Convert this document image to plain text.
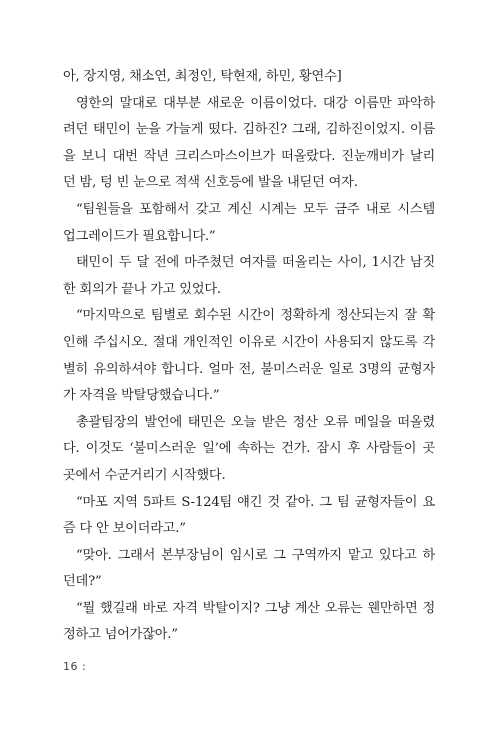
아, 장지영, 채소연, 최정인, 탁현재, 하민, 황연수]
영한의 말대로 대부분 새로운 이름이었다. 대강 이름만 파악하
려던 태민이 눈을 가늘게 떴다. 김하진? 그래, 김하진이었지. 이름
을 보니 대번 작년 크리스마스이브가 떠올랐다. 진눈깨비가 날리
던 밤, 텅 빈 눈으로 적색 신호등에 발을 내딛던 여자.
“팀원들을 포함해서 갖고 계신 시계는 모두 금주 내로 시스템
업그레이드가 필요합니다.”
태민이 두 달 전에 마주쳤던 여자를 떠올리는 사이, 1시간 남짓
한 회의가 끝나 가고 있었다.
“마지막으로 팀별로 회수된 시간이 정확하게 정산되는지 잘 확
인해 주십시오. 절대 개인적인 이유로 시간이 사용되지 않도록 각
별히 유의하셔야 합니다. 얼마 전, 불미스러운 일로 3명의 균형자
가 자격을 박탈당했습니다.”
총괄팀장의 발언에 태민은 오늘 받은 정산 오류 메일을 떠올렸
다. 이것도 ‘불미스러운 일’에 속하는 건가. 잠시 후 사람들이 곳
곳에서 수군거리기 시작했다.
“마포 지역 5파트 S-124팀 얘긴 것 같아. 그 팀 균형자들이 요
즘 다 안 보이더라고.”
“맞아. 그래서 본부장님이 임시로 그 구역까지 맡고 있다고 하
던데?”
“뭘 했길래 바로 자격 박탈이지? 그냥 계산 오류는 웬만하면 정
정하고 넘어가잖아.”
16 :
